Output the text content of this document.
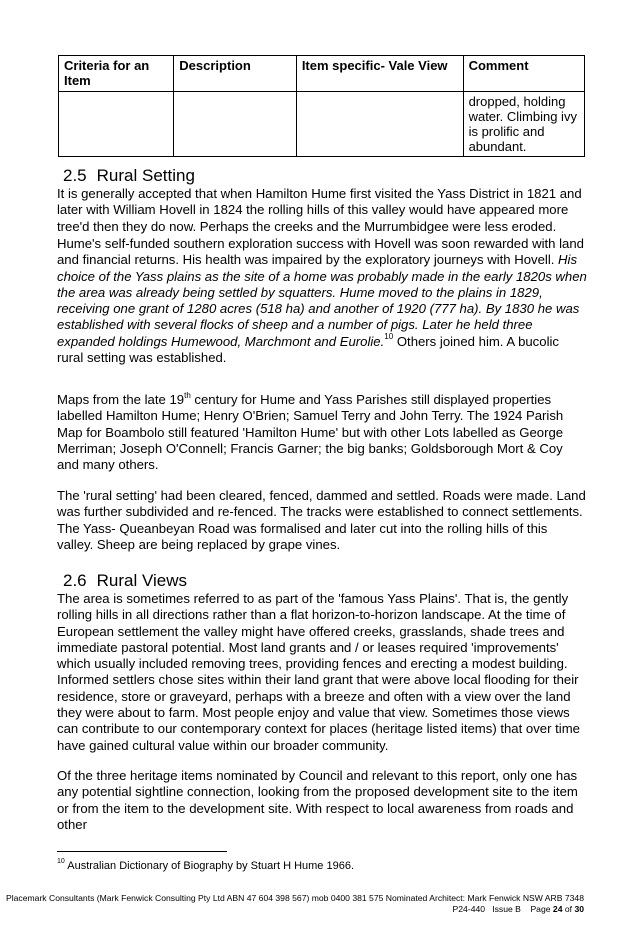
Criteria for an Item	Description	Item specific- Vale View	Comment
			dropped, holding water. Climbing ivy is prolific and abundant.
2.5 Rural Setting

It is generally accepted that when Hamilton Hume first visited the Yass District in 1821 and later with William Hovell in 1824 the rolling hills of this valley would have appeared more tree'd then they do now. Perhaps the creeks and the Murrumbidgee were less eroded.

Hume's self-funded southern exploration success with Hovell was soon rewarded with land and financial returns. His health was impaired by the exploratory journeys with Hovell. His choice of the Yass plains as the site of a home was probably made in the early 1820s when the area was already being settled by squatters. Hume moved to the plains in 1829, receiving one grant of 1280 acres (518 ha) and another of 1920 (777 ha). By 1830 he was established with several flocks of sheep and a number of pigs. Later he held three expanded holdings Humewood, Marchmont and Eurolie.$^{10}$ Others joined him. A bucolic rural setting was established.

Maps from the late 19th century for Hume and Yass Parishes still displayed properties labelled Hamilton Hume; Henry O'Brien; Samuel Terry and John Terry. The 1924 Parish Map for Boambolo still featured 'Hamilton Hume' but with other Lots labelled as George Merriman; Joseph O'Connell; Francis Garner; the big banks; Goldsborough Mort & Coy and many others.

The 'rural setting' had been cleared, fenced, dammed and settled. Roads were made. Land was further subdivided and re-fenced. The tracks were established to connect settlements. The Yass- Queanbeyan Road was formalised and later cut into the rolling hills of this valley. Sheep are being replaced by grape vines.

2.6 Rural Views

The area is sometimes referred to as part of the 'famous Yass Plains'. That is, the gently rolling hills in all directions rather than a flat horizon-to-horizon landscape. At the time of European settlement the valley might have offered creeks, grasslands, shade trees and immediate pastoral potential. Most land grants and / or leases required 'improvements' which usually included removing trees, providing fences and erecting a modest building. Informed settlers chose sites within their land grant that were above local flooding for their residence, store or graveyard, perhaps with a breeze and often with a view over the land they were about to farm. Most people enjoy and value that view. Sometimes those views can contribute to our contemporary context for places (heritage listed items) that over time have gained cultural value within our broader community.

Of the three heritage items nominated by Council and relevant to this report, only one has any potential sightline connection, looking from the proposed development site to the item or from the item to the development site. With respect to local awareness from roads and other

$^{10}$ Australian Dictionary of Biography by Stuart H Hume 1966.
Placemark Consultants (Mark Fenwick Consulting Pty Ltd ABN 47 604 398 567) mob 0400 381 575 Nominated Architect: Mark Fenwick NSW ARB 7348
P24-440 Issue B Page 24 of 30
